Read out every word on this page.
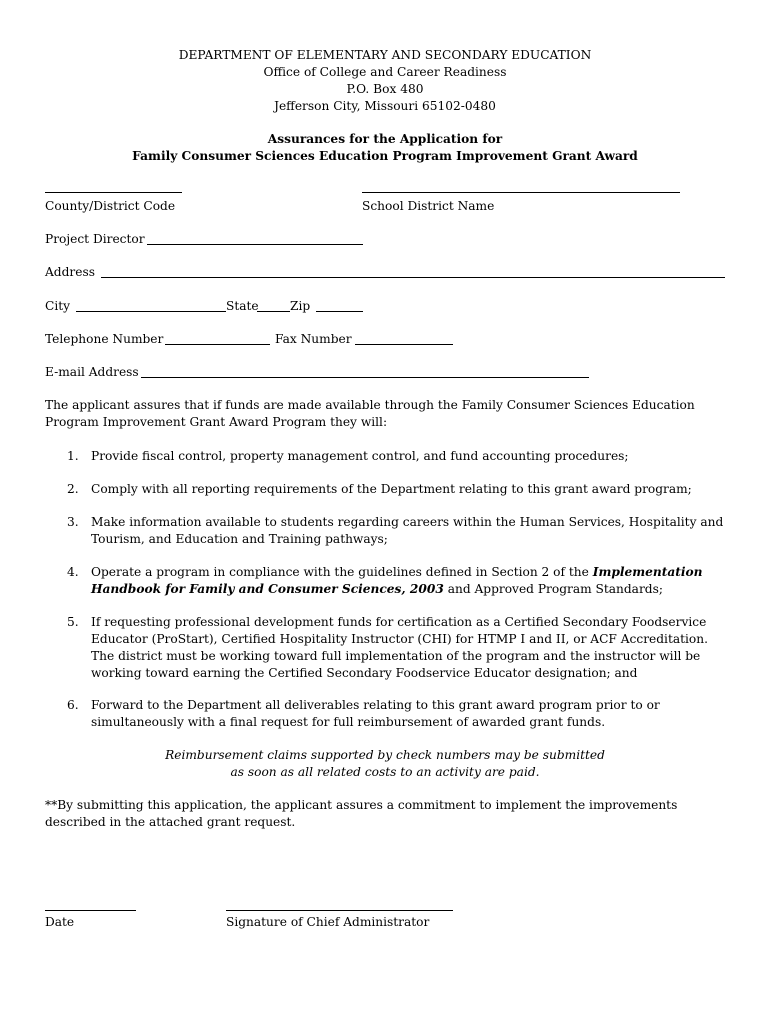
DEPARTMENT OF ELEMENTARY AND SECONDARY EDUCATION
Office of College and Career Readiness
P.O. Box 480
Jefferson City, Missouri 65102-0480
Assurances for the Application for
Family Consumer Sciences Education Program Improvement Grant Award
County/District Code	School District Name
Project Director
Address
City	State	Zip
Telephone Number	Fax Number
E-mail Address
The applicant assures that if funds are made available through the Family Consumer Sciences Education Program Improvement Grant Award Program they will:
1. Provide fiscal control, property management control, and fund accounting procedures;
2. Comply with all reporting requirements of the Department relating to this grant award program;
3. Make information available to students regarding careers within the Human Services, Hospitality and Tourism, and Education and Training pathways;
4. Operate a program in compliance with the guidelines defined in Section 2 of the Implementation Handbook for Family and Consumer Sciences, 2003 and Approved Program Standards;
5. If requesting professional development funds for certification as a Certified Secondary Foodservice Educator (ProStart), Certified Hospitality Instructor (CHI) for HTMP I and II, or ACF Accreditation. The district must be working toward full implementation of the program and the instructor will be working toward earning the Certified Secondary Foodservice Educator designation; and
6. Forward to the Department all deliverables relating to this grant award program prior to or simultaneously with a final request for full reimbursement of awarded grant funds.
Reimbursement claims supported by check numbers may be submitted
as soon as all related costs to an activity are paid.
**By submitting this application, the applicant assures a commitment to implement the improvements described in the attached grant request.
Date	Signature of Chief Administrator
